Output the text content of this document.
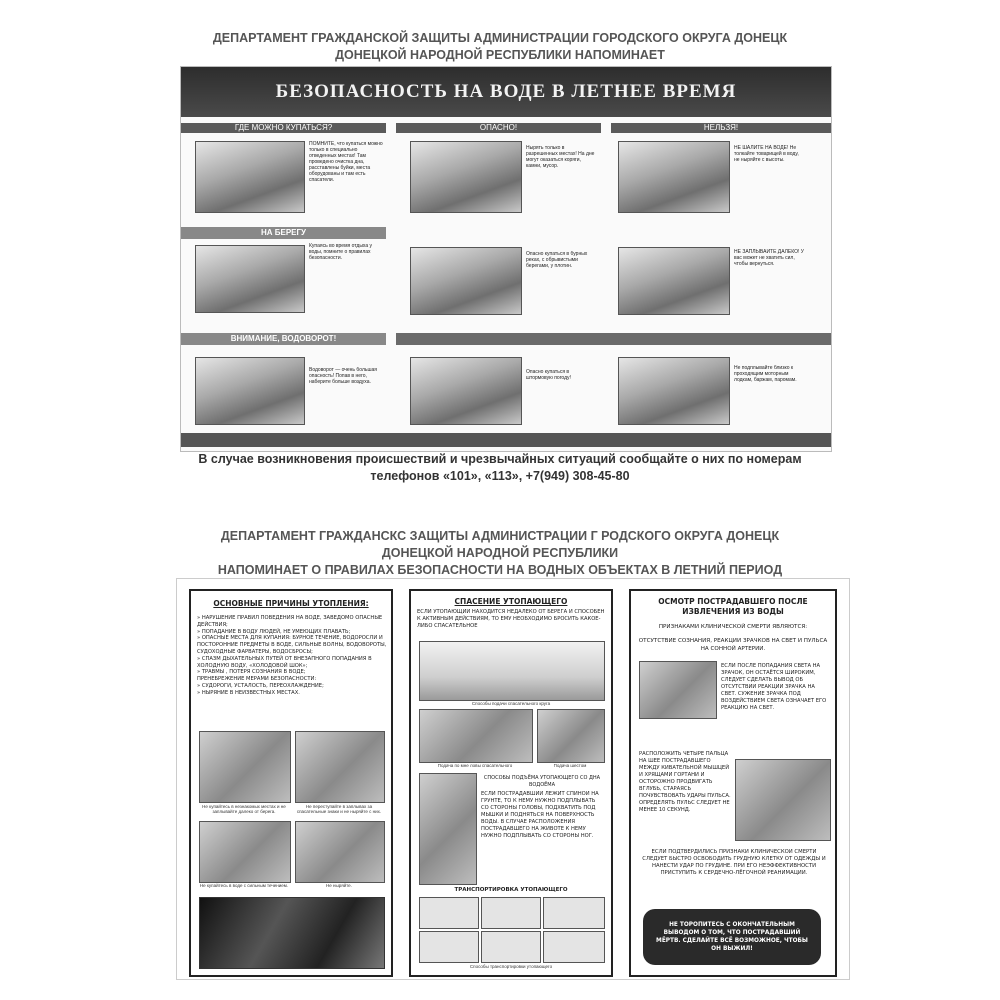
ДЕПАРТАМЕНТ ГРАЖДАНСКОЙ ЗАЩИТЫ АДМИНИСТРАЦИИ ГОРОДСКОГО ОКРУГА ДОНЕЦК
ДОНЕЦКОЙ НАРОДНОЙ РЕСПУБЛИКИ НАПОМИНАЕТ
БЕЗОПАСНОСТЬ НА ВОДЕ В ЛЕТНЕЕ ВРЕМЯ
ГДЕ МОЖНО КУПАТЬСЯ?	ОПАСНО!	НЕЛЬЗЯ!
ПОМНИТЕ, что купаться можно только в специально отведенных местах! Там проведено очистка дна, расставлены буйки, места оборудованы и там есть спасатели.
Нырять только в разрешенных местах! На дне могут оказаться коряги, камни, мусор.
НЕ ШАЛИТЕ НА ВОДЕ! Не толкайте товарищей в воду, не ныряйте с высоты.
НА БЕРЕГУ
Купаясь во время отдыха у воды, помните о правилах безопасности.
Опасно купаться в бурных реках, с обрывистыми берегами, у плотин.
НЕ ЗАПЛЫВАЙТЕ ДАЛЕКО! У вас может не хватить сил, чтобы вернуться.
ВНИМАНИЕ, ВОДОВОРОТ!
Водоворот — очень большая опасность! Попав в него, наберите больше воздуха.
Опасно купаться в штормовую погоду!
Не подплывайте близко к проходящим моторным лодкам, баржам, паромам.
В случае возникновения происшествий и чрезвычайных ситуаций сообщайте о них по номерам
телефонов «101», «113», +7(949) 308-45-80
ДЕПАРТАМЕНТ ГРАЖДАНСКС ЗАЩИТЫ АДМИНИСТРАЦИИ Г РОДСКОГО ОКРУГА ДОНЕЦК
ДОНЕЦКОЙ НАРОДНОЙ РЕСПУБЛИКИ
НАПОМИНАЕТ О ПРАВИЛАХ БЕЗОПАСНОСТИ НА ВОДНЫХ ОБЪЕКТАХ В ЛЕТНИЙ ПЕРИОД
ОСНОВНЫЕ ПРИЧИНЫ УТОПЛЕНИЯ:
» НАРУШЕНИЕ ПРАВИЛ ПОВЕДЕНИЯ НА ВОДЕ, ЗАВЕДОМО ОПАСНЫЕ ДЕЙСТВИЯ;
» ПОПАДАНИЕ В ВОДУ ЛЮДЕЙ, НЕ УМЕЮЩИХ ПЛАВАТЬ;
» ОПАСНЫЕ МЕСТА ДЛЯ КУПАНИЯ: БУРНОЕ ТЕЧЕНИЕ, ВОДОРОСЛИ И ПОСТОРОННИЕ ПРЕДМЕТЫ В ВОДЕ, СИЛЬНЫЕ ВОЛНЫ, ВОДОВОРОТЫ, СУДОХОДНЫЕ ФАРВАТЕРЫ, ВОДОСБРОСЫ;
» СПАЗМ ДЫХАТЕЛЬНЫХ ПУТЕЙ ОТ ВНЕЗАПНОГО ПОПАДАНИЯ В ХОЛОДНУЮ ВОДУ, «ХОЛОДОВОЙ ШОК»;
» ТРАВМЫ , ПОТЕРЯ СОЗНАНИЯ В ВОДЕ;
ПРЕНЕБРЕЖЕНИЕ МЕРАМИ БЕЗОПАСНОСТИ:
» СУДОРОГИ, УСТАЛОСТЬ, ПЕРЕОХЛАЖДЕНИЕ;
» НЫРЯНИЕ В НЕИЗВЕСТНЫХ МЕСТАХ.
Не купайтесь в незнакомых местах и не заплывайте далеко от берега.
Не переступайте в заплывах за спасательные знаки и не ныряйте с них.
Не купайтесь в воде с сильным течением.	Не ныряйте.
СПАСЕНИЕ УТОПАЮЩЕГО
ЕСЛИ УТОПАЮЩИЙ НАХОДИТСЯ НЕДАЛЕКО ОТ БЕРЕГА И СПОСОБЕН К АКТИВНЫМ ДЕЙСТВИЯМ, ТО ЕМУ НЕОБХОДИМО БРОСИТЬ КАКОЕ-ЛИБО СПАСАТЕЛЬНОЕ
Способы подачи спасательного круга
Подача по мне ловы спасательного	Подача шестом
СПОСОБЫ ПОДЪЁМА УТОПАЮЩЕГО СО ДНА ВОДОЁМА
ЕСЛИ ПОСТРАДАВШИЙ ЛЕЖИТ СПИНОЙ НА ГРУНТЕ, ТО К НЕМУ НУЖНО ПОДПЛЫВАТЬ СО СТОРОНЫ ГОЛОВЫ, ПОДХВАТИТЬ ПОД МЫШКИ И ПОДНЯТЬСЯ НА ПОВЕРХНОСТЬ ВОДЫ. В СЛУЧАЕ РАСПОЛОЖЕНИЯ ПОСТРАДАВШЕГО НА ЖИВОТЕ К НЕМУ НУЖНО ПОДПЛЫВАТЬ СО СТОРОНЫ НОГ.
ТРАНСПОРТИРОВКА УТОПАЮЩЕГО
Способы транспортировки утопающего
ОСМОТР ПОСТРАДАВШЕГО ПОСЛЕ ИЗВЛЕЧЕНИЯ ИЗ ВОДЫ
ПРИЗНАКАМИ КЛИНИЧЕСКОЙ СМЕРТИ ЯВЛЯЮТСЯ:
ОТСУТСТВИЕ СОЗНАНИЯ, РЕАКЦИИ ЗРАЧКОВ НА СВЕТ И ПУЛЬСА НА СОННОЙ АРТЕРИИ.
ЕСЛИ ПОСЛЕ ПОПАДАНИЯ СВЕТА НА ЗРАЧОК, ОН ОСТАЁТСЯ ШИРОКИМ, СЛЕДУЕТ СДЕЛАТЬ ВЫВОД ОБ ОТСУТСТВИИ РЕАКЦИИ ЗРАЧКА НА СВЕТ. СУЖЕНИЕ ЗРАЧКА ПОД ВОЗДЕЙСТВИЕМ СВЕТА ОЗНАЧАЕТ ЕГО РЕАКЦИЮ НА СВЕТ.
РАСПОЛОЖИТЬ ЧЕТЫРЕ ПАЛЬЦА НА ШЕЕ ПОСТРАДАВШЕГО МЕЖДУ КИВАТЕЛЬНОЙ МЫШЦЕЙ И ХРЯЩАМИ ГОРТАНИ И ОСТОРОЖНО ПРОДВИГАТЬ ВГЛУБЬ, СТАРАЯСЬ ПОЧУВСТВОВАТЬ УДАРЫ ПУЛЬСА. ОПРЕДЕЛЯТЬ ПУЛЬС СЛЕДУЕТ НЕ МЕНЕЕ 10 СЕКУНД.
ЕСЛИ ПОДТВЕРДИЛИСЬ ПРИЗНАКИ КЛИНИЧЕСКОЙ СМЕРТИ СЛЕДУЕТ БЫСТРО ОСВОБОДИТЬ ГРУДНУЮ КЛЕТКУ ОТ ОДЕЖДЫ И НАНЕСТИ УДАР ПО ГРУДИНЕ. ПРИ ЕГО НЕЭФФЕКТИВНОСТИ ПРИСТУПИТЬ К СЕРДЕЧНО-ЛЁГОЧНОЙ РЕАНИМАЦИИ.
НЕ ТОРОПИТЕСЬ С ОКОНЧАТЕЛЬНЫМ ВЫВОДОМ О ТОМ, ЧТО ПОСТРАДАВШИЙ МЁРТВ. СДЕЛАЙТЕ ВСЁ ВОЗМОЖНОЕ, ЧТОБЫ ОН ВЫЖИЛ!
